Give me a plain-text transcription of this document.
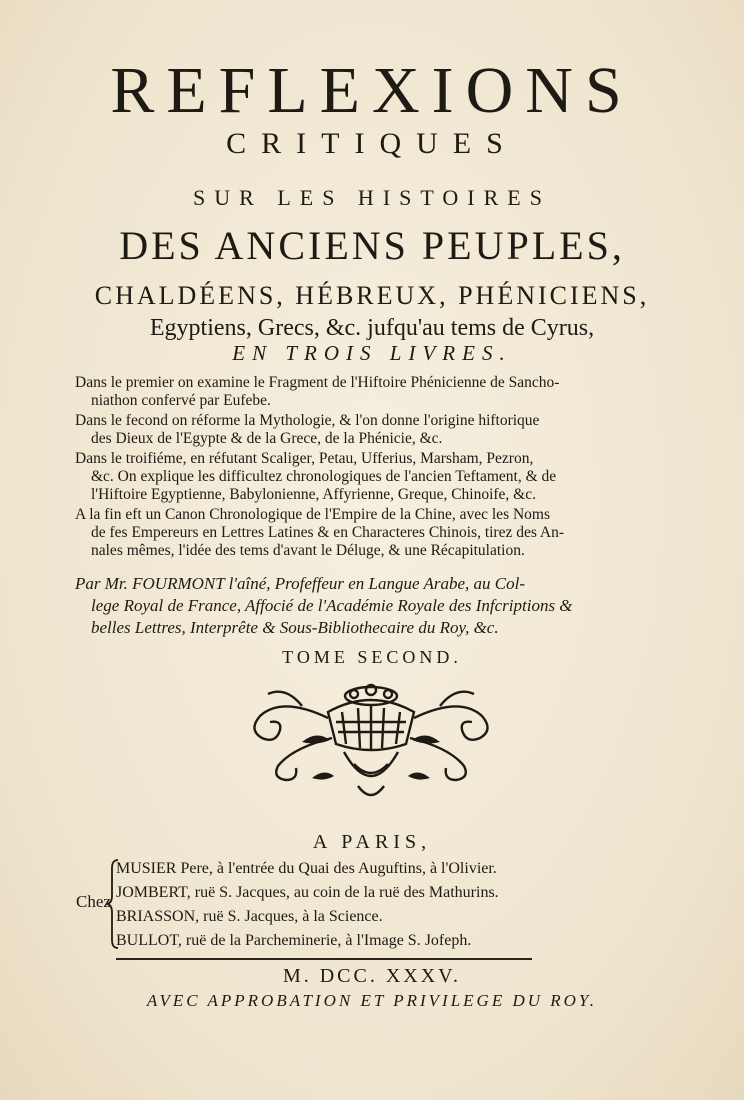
REFLEXIONS
CRITIQUES
SUR LES HISTOIRES
DES ANCIENS PEUPLES,
CHALDÉENS, HÉBREUX, PHÉNICIENS,
Egyptiens, Grecs, &c. jufqu'au tems de Cyrus,
EN TROIS LIVRES.
Dans le premier on examine le Fragment de l'Hiftoire Phénicienne de Sancho-
niathon confervé par Eufebe.
Dans le fecond on réforme la Mythologie, & l'on donne l'origine hiftorique
des Dieux de l'Egypte & de la Grece, de la Phénicie, &c.
Dans le troifiéme, en réfutant Scaliger, Petau, Ufferius, Marsham, Pezron,
&c. On explique les difficultez chronologiques de l'ancien Teftament, & de
l'Hiftoire Egyptienne, Babylonienne, Affyrienne, Greque, Chinoife, &c.
A la fin eft un Canon Chronologique de l'Empire de la Chine, avec les Noms
de fes Empereurs en Lettres Latines & en Characteres Chinois, tirez des An-
nales mêmes, l'idée des tems d'avant le Déluge, & une Récapitulation.
Par Mr. FOURMONT l'aîné, Profeffeur en Langue Arabe, au Col-
lege Royal de France, Affocié de l'Académie Royale des Infcriptions &
belles Lettres, Interprête & Sous-Bibliothecaire du Roy, &c.
TOME SECOND.
A PARIS,
Chez
MUSIER Pere, à l'entrée du Quai des Auguftins, à l'Olivier.
JOMBERT, ruë S. Jacques, au coin de la ruë des Mathurins.
BRIASSON, ruë S. Jacques, à la Science.
BULLOT, ruë de la Parcheminerie, à l'Image S. Jofeph.
M. DCC. XXXV.
AVEC APPROBATION ET PRIVILEGE DU ROY.
